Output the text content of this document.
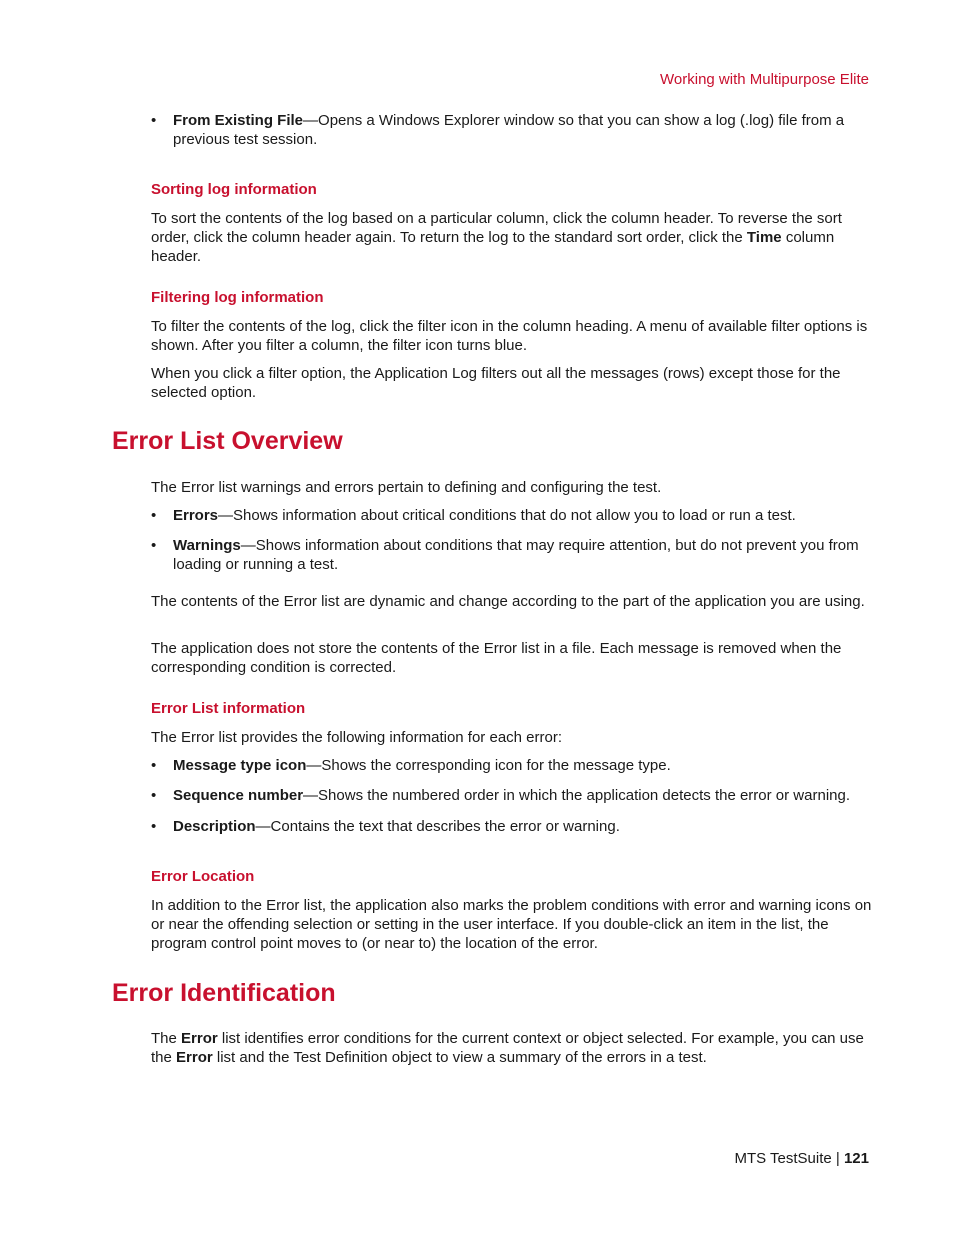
Working with Multipurpose Elite
• From Existing File—Opens a Windows Explorer window so that you can show a log (.log) file from a previous test session.
Sorting log information
To sort the contents of the log based on a particular column, click the column header. To reverse the sort order, click the column header again. To return the log to the standard sort order, click the Time column header.
Filtering log information
To filter the contents of the log, click the filter icon in the column heading. A menu of available filter options is shown. After you filter a column, the filter icon turns blue.
When you click a filter option, the Application Log filters out all the messages (rows) except those for the selected option.
Error List Overview
The Error list warnings and errors pertain to defining and configuring the test.
• Errors—Shows information about critical conditions that do not allow you to load or run a test.
• Warnings—Shows information about conditions that may require attention, but do not prevent you from loading or running a test.
The contents of the Error list are dynamic and change according to the part of the application you are using.
The application does not store the contents of the Error list in a file. Each message is removed when the corresponding condition is corrected.
Error List information
The Error list provides the following information for each error:
• Message type icon—Shows the corresponding icon for the message type.
• Sequence number—Shows the numbered order in which the application detects the error or warning.
• Description—Contains the text that describes the error or warning.
Error Location
In addition to the Error list, the application also marks the problem conditions with error and warning icons on or near the offending selection or setting in the user interface. If you double-click an item in the list, the program control point moves to (or near to) the location of the error.
Error Identification
The Error list identifies error conditions for the current context or object selected. For example, you can use the Error list and the Test Definition object to view a summary of the errors in a test.
MTS TestSuite | 121
